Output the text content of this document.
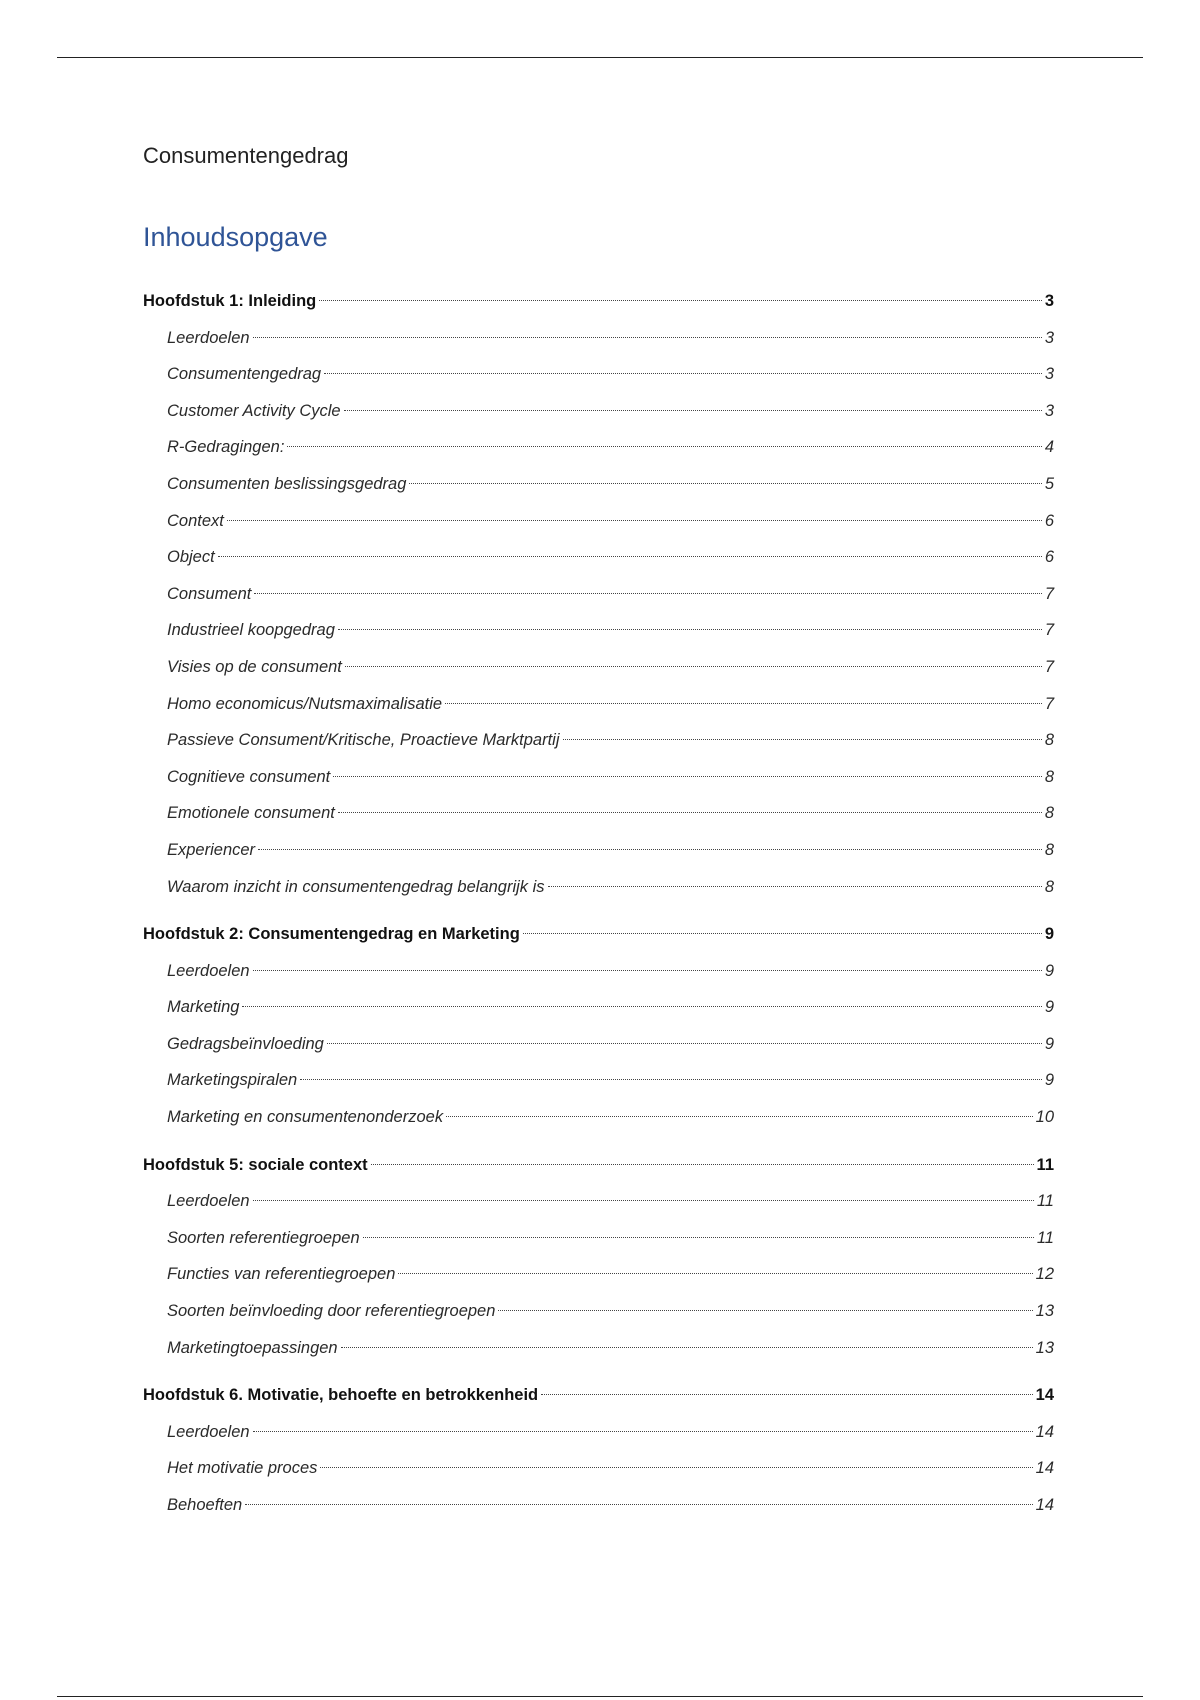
Consumentengedrag
Inhoudsopgave
Hoofdstuk 1: Inleiding	3
Leerdoelen	3
Consumentengedrag	3
Customer Activity Cycle	3
R-Gedragingen:	4
Consumenten beslissingsgedrag	5
Context	6
Object	6
Consument	7
Industrieel koopgedrag	7
Visies op de consument	7
Homo economicus/Nutsmaximalisatie	7
Passieve Consument/Kritische, Proactieve Marktpartij	8
Cognitieve consument	8
Emotionele consument	8
Experiencer	8
Waarom inzicht in consumentengedrag belangrijk is	8
Hoofdstuk 2: Consumentengedrag en Marketing	9
Leerdoelen	9
Marketing	9
Gedragsbeïnvloeding	9
Marketingspiralen	9
Marketing en consumentenonderzoek	10
Hoofdstuk 5: sociale context	11
Leerdoelen	11
Soorten referentiegroepen	11
Functies van referentiegroepen	12
Soorten beïnvloeding door referentiegroepen	13
Marketingtoepassingen	13
Hoofdstuk 6. Motivatie, behoefte en betrokkenheid	14
Leerdoelen	14
Het motivatie proces	14
Behoeften	14
